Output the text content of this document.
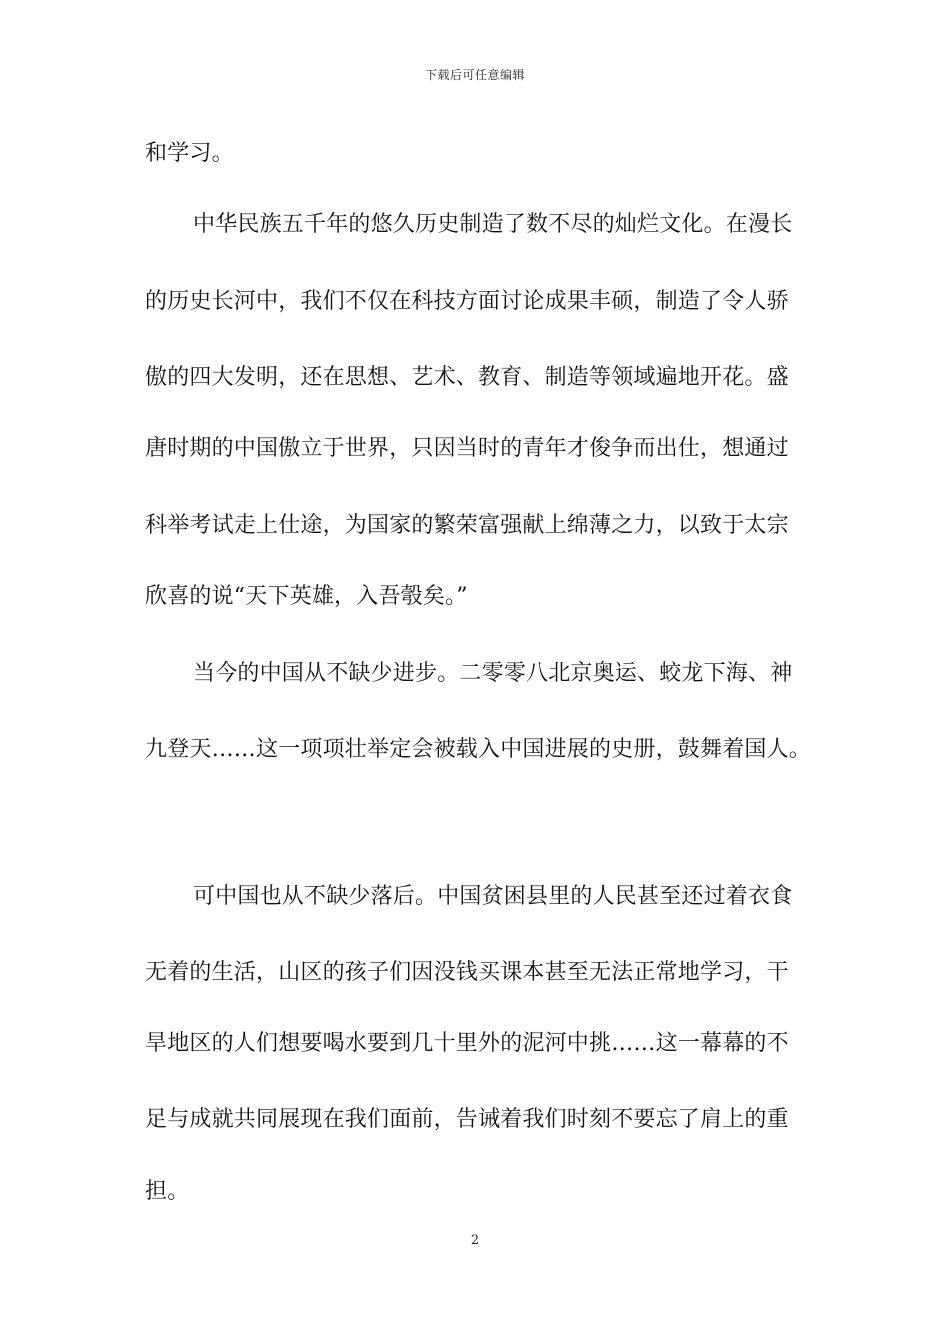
下载后可任意编辑
和学习。
中华民族五千年的悠久历史制造了数不尽的灿烂文化。在漫长
的历史长河中，我们不仅在科技方面讨论成果丰硕，制造了令人骄
傲的四大发明，还在思想、艺术、教育、制造等领域遍地开花。盛
唐时期的中国傲立于世界，只因当时的青年才俊争而出仕，想通过
科举考试走上仕途，为国家的繁荣富强献上绵薄之力，以致于太宗
欣喜的说“天下英雄，入吾彀矣。”
当今的中国从不缺少进步。二零零八北京奥运、蛟龙下海、神
九登天……这一项项壮举定会被载入中国进展的史册，鼓舞着国人。
可中国也从不缺少落后。中国贫困县里的人民甚至还过着衣食
无着的生活，山区的孩子们因没钱买课本甚至无法正常地学习，干
旱地区的人们想要喝水要到几十里外的泥河中挑……这一幕幕的不
足与成就共同展现在我们面前，告诫着我们时刻不要忘了肩上的重
担。
2
